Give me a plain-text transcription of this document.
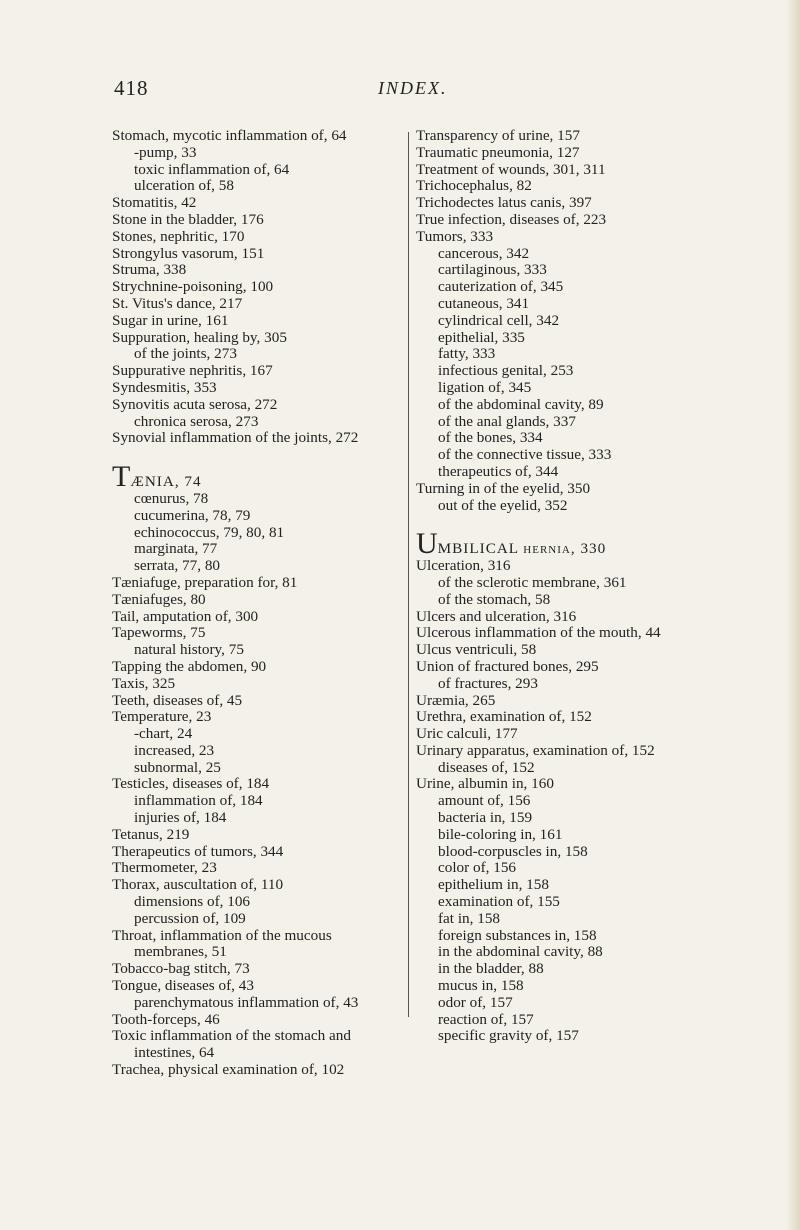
418	INDEX.

Stomach, mycotic inflammation of, 64

-pump, 33

toxic inflammation of, 64

ulceration of, 58

Stomatitis, 42

Stone in the bladder, 176

Stones, nephritic, 170

Strongylus vasorum, 151

Struma, 338

Strychnine-poisoning, 100

St. Vitus's dance, 217

Sugar in urine, 161

Suppuration, healing by, 305

of the joints, 273

Suppurative nephritis, 167

Syndesmitis, 353

Synovitis acuta serosa, 272

chronica serosa, 273

Synovial inflammation of the joints, 272

TÆNIA, 74

cœnurus, 78

cucumerina, 78, 79

echinococcus, 79, 80, 81

marginata, 77

serrata, 77, 80

Tæniafuge, preparation for, 81

Tæniafuges, 80

Tail, amputation of, 300

Tapeworms, 75

natural history, 75

Tapping the abdomen, 90

Taxis, 325

Teeth, diseases of, 45

Temperature, 23

-chart, 24

increased, 23

subnormal, 25

Testicles, diseases of, 184

inflammation of, 184

injuries of, 184

Tetanus, 219

Therapeutics of tumors, 344

Thermometer, 23

Thorax, auscultation of, 110

dimensions of, 106

percussion of, 109

Throat, inflammation of the mucous membranes, 51

Tobacco-bag stitch, 73

Tongue, diseases of, 43

parenchymatous inflammation of, 43

Tooth-forceps, 46

Toxic inflammation of the stomach and intestines, 64

Trachea, physical examination of, 102

Transparency of urine, 157

Traumatic pneumonia, 127

Treatment of wounds, 301, 311

Trichocephalus, 82

Trichodectes latus canis, 397

True infection, diseases of, 223

Tumors, 333

cancerous, 342

cartilaginous, 333

cauterization of, 345

cutaneous, 341

cylindrical cell, 342

epithelial, 335

fatty, 333

infectious genital, 253

ligation of, 345

of the abdominal cavity, 89

of the anal glands, 337

of the bones, 334

of the connective tissue, 333

therapeutics of, 344

Turning in of the eyelid, 350

out of the eyelid, 352

UMBILICAL hernia, 330

Ulceration, 316

of the sclerotic membrane, 361

of the stomach, 58

Ulcers and ulceration, 316

Ulcerous inflammation of the mouth, 44

Ulcus ventriculi, 58

Union of fractured bones, 295

of fractures, 293

Uræmia, 265

Urethra, examination of, 152

Uric calculi, 177

Urinary apparatus, examination of, 152

diseases of, 152

Urine, albumin in, 160

amount of, 156

bacteria in, 159

bile-coloring in, 161

blood-corpuscles in, 158

color of, 156

epithelium in, 158

examination of, 155

fat in, 158

foreign substances in, 158

in the abdominal cavity, 88

in the bladder, 88

mucus in, 158

odor of, 157

reaction of, 157

specific gravity of, 157
